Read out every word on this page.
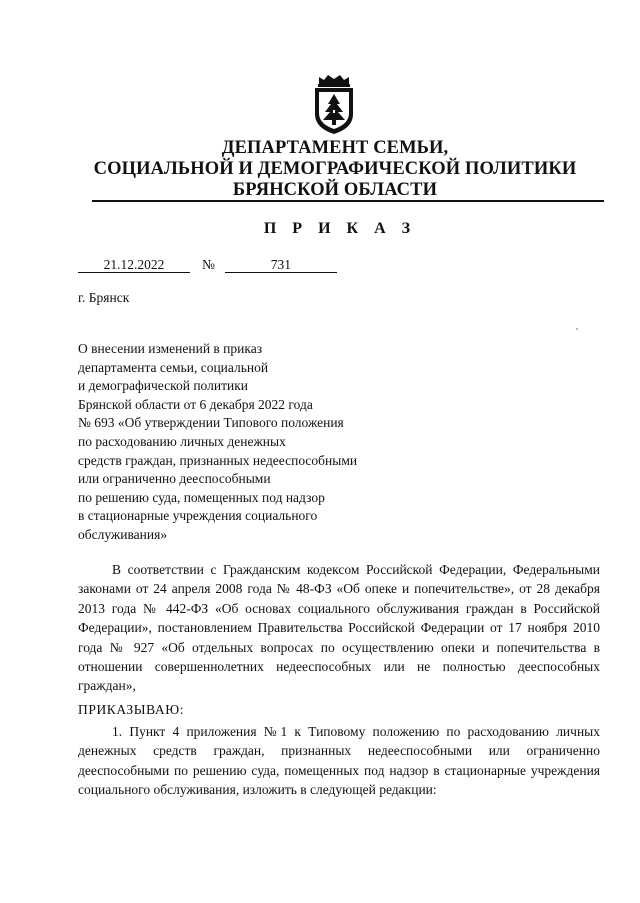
ДЕПАРТАМЕНТ СЕМЬИ,
СОЦИАЛЬНОЙ И ДЕМОГРАФИЧЕСКОЙ ПОЛИТИКИ
БРЯНСКОЙ ОБЛАСТИ
П Р И К А З
21.12.2022	№	731
г. Брянск
О внесении изменений в приказ
департамента семьи, социальной
и демографической политики
Брянской области от 6 декабря 2022 года
№ 693 «Об утверждении Типового положения
по расходованию личных денежных
средств граждан, признанных недееспособными
или ограниченно дееспособными
по решению суда, помещенных под надзор
в стационарные учреждения социального
обслуживания»
В соответствии с Гражданским кодексом Российской Федерации, Федеральными законами от 24 апреля 2008 года № 48-ФЗ «Об опеке и попечительстве», от 28 декабря 2013 года № 442-ФЗ «Об основах социального обслуживания граждан в Российской Федерации», постановлением Правительства Российской Федерации от 17 ноября 2010 года № 927 «Об отдельных вопросах по осуществлению опеки и попечительства в отношении совершеннолетних недееспособных или не полностью дееспособных граждан»,
ПРИКАЗЫВАЮ:
1. Пункт 4 приложения №1 к Типовому положению по расходованию личных денежных средств граждан, признанных недееспособными или ограниченно дееспособными по решению суда, помещенных под надзор в стационарные учреждения социального обслуживания, изложить в следующей редакции:
